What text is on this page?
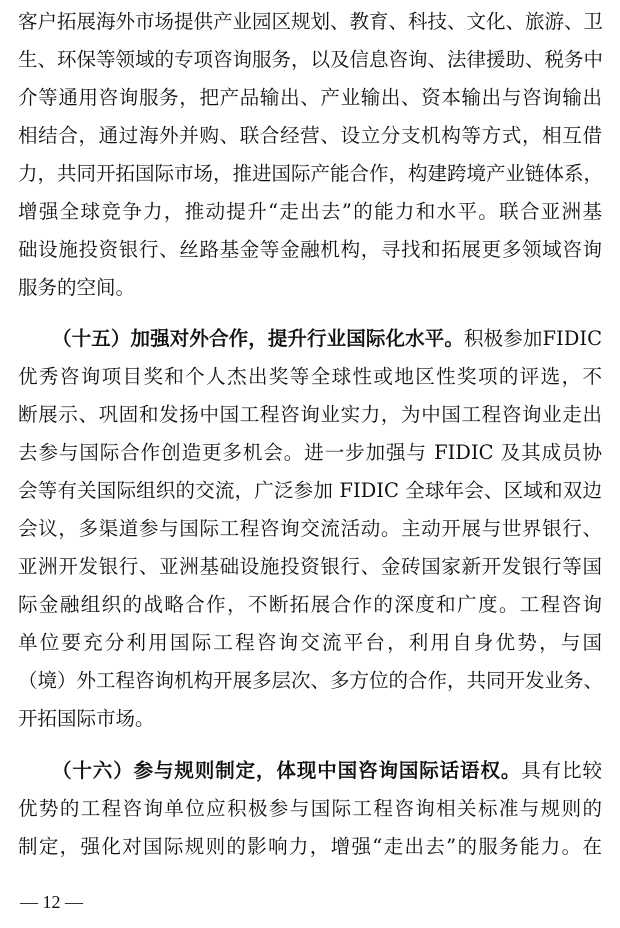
客户拓展海外市场提供产业园区规划、教育、科技、文化、旅游、卫
生、环保等领域的专项咨询服务，以及信息咨询、法律援助、税务中
介等通用咨询服务，把产品输出、产业输出、资本输出与咨询输出
相结合，通过海外并购、联合经营、设立分支机构等方式，相互借
力，共同开拓国际市场，推进国际产能合作，构建跨境产业链体系，
增强全球竞争力，推动提升“走出去”的能力和水平。联合亚洲基
础设施投资银行、丝路基金等金融机构，寻找和拓展更多领域咨询
服务的空间。
（十五）加强对外合作，提升行业国际化水平。积极参加FIDIC
优秀咨询项目奖和个人杰出奖等全球性或地区性奖项的评选，不
断展示、巩固和发扬中国工程咨询业实力，为中国工程咨询业走出
去参与国际合作创造更多机会。进一步加强与 FIDIC 及其成员协
会等有关国际组织的交流，广泛参加 FIDIC 全球年会、区域和双边
会议，多渠道参与国际工程咨询交流活动。主动开展与世界银行、
亚洲开发银行、亚洲基础设施投资银行、金砖国家新开发银行等国
际金融组织的战略合作，不断拓展合作的深度和广度。工程咨询
单位要充分利用国际工程咨询交流平台，利用自身优势，与国
（境）外工程咨询机构开展多层次、多方位的合作，共同开发业务、
开拓国际市场。
（十六）参与规则制定，体现中国咨询国际话语权。具有比较
优势的工程咨询单位应积极参与国际工程咨询相关标准与规则的
制定，强化对国际规则的影响力，增强“走出去”的服务能力。在
— 12 —
